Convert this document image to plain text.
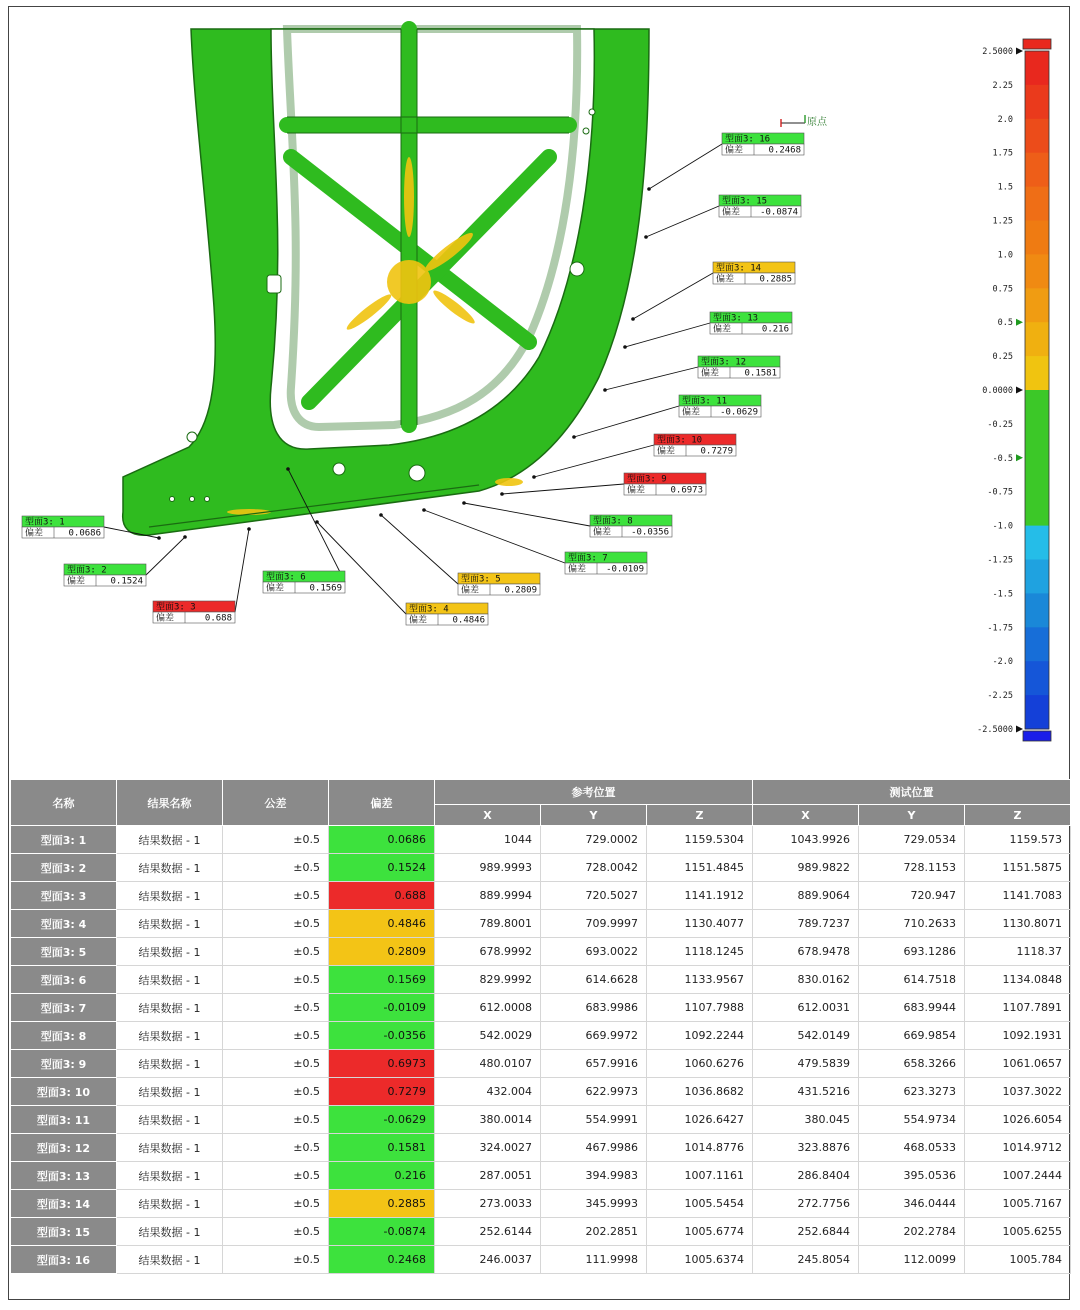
原点
型面3: 1
偏差	0.0686
型面3: 2
偏差	0.1524
型面3: 3
偏差	0.688
型面3: 4
偏差	0.4846
型面3: 5
偏差	0.2809
型面3: 6
偏差	0.1569
型面3: 7
偏差 -0.0109
型面3: 8
偏差 -0.0356
型面3: 9
偏差	0.6973
型面3: 10
偏差	0.7279
型面3: 11
偏差 -0.0629
型面3: 12
偏差	0.1581
型面3: 13
偏差	0.216
型面3: 14
偏差	0.2885
型面3: 15
偏差 -0.0874
型面3: 16
偏差	0.2468
2.5000
2.25
2.0
1.75
1.5
1.25
1.0
0.75
0.5
0.25
0.0000
-0.25
-0.5
-0.75
-1.0
-1.25
-1.5
-1.75
-2.0
-2.25
-2.5000
名称	结果名称	公差	偏差	参考位置			测试位置		
				X	Y	Z	X	Y	Z
型面3: 1	结果数据 - 1	±0.5	0.0686	1044	729.0002	1159.5304	1043.9926	729.0534	1159.573
型面3: 2	结果数据 - 1	±0.5	0.1524	989.9993	728.0042	1151.4845	989.9822	728.1153	1151.5875
型面3: 3	结果数据 - 1	±0.5	0.688	889.9994	720.5027	1141.1912	889.9064	720.947	1141.7083
型面3: 4	结果数据 - 1	±0.5	0.4846	789.8001	709.9997	1130.4077	789.7237	710.2633	1130.8071
型面3: 5	结果数据 - 1	±0.5	0.2809	678.9992	693.0022	1118.1245	678.9478	693.1286	1118.37
型面3: 6	结果数据 - 1	±0.5	0.1569	829.9992	614.6628	1133.9567	830.0162	614.7518	1134.0848
型面3: 7	结果数据 - 1	±0.5	-0.0109	612.0008	683.9986	1107.7988	612.0031	683.9944	1107.7891
型面3: 8	结果数据 - 1	±0.5	-0.0356	542.0029	669.9972	1092.2244	542.0149	669.9854	1092.1931
型面3: 9	结果数据 - 1	±0.5	0.6973	480.0107	657.9916	1060.6276	479.5839	658.3266	1061.0657
型面3: 10	结果数据 - 1	±0.5	0.7279	432.004	622.9973	1036.8682	431.5216	623.3273	1037.3022
型面3: 11	结果数据 - 1	±0.5	-0.0629	380.0014	554.9991	1026.6427	380.045	554.9734	1026.6054
型面3: 12	结果数据 - 1	±0.5	0.1581	324.0027	467.9986	1014.8776	323.8876	468.0533	1014.9712
型面3: 13	结果数据 - 1	±0.5	0.216	287.0051	394.9983	1007.1161	286.8404	395.0536	1007.2444
型面3: 14	结果数据 - 1	±0.5	0.2885	273.0033	345.9993	1005.5454	272.7756	346.0444	1005.7167
型面3: 15	结果数据 - 1	±0.5	-0.0874	252.6144	202.2851	1005.6774	252.6844	202.2784	1005.6255
型面3: 16	结果数据 - 1	±0.5	0.2468	246.0037	111.9998	1005.6374	245.8054	112.0099	1005.784
